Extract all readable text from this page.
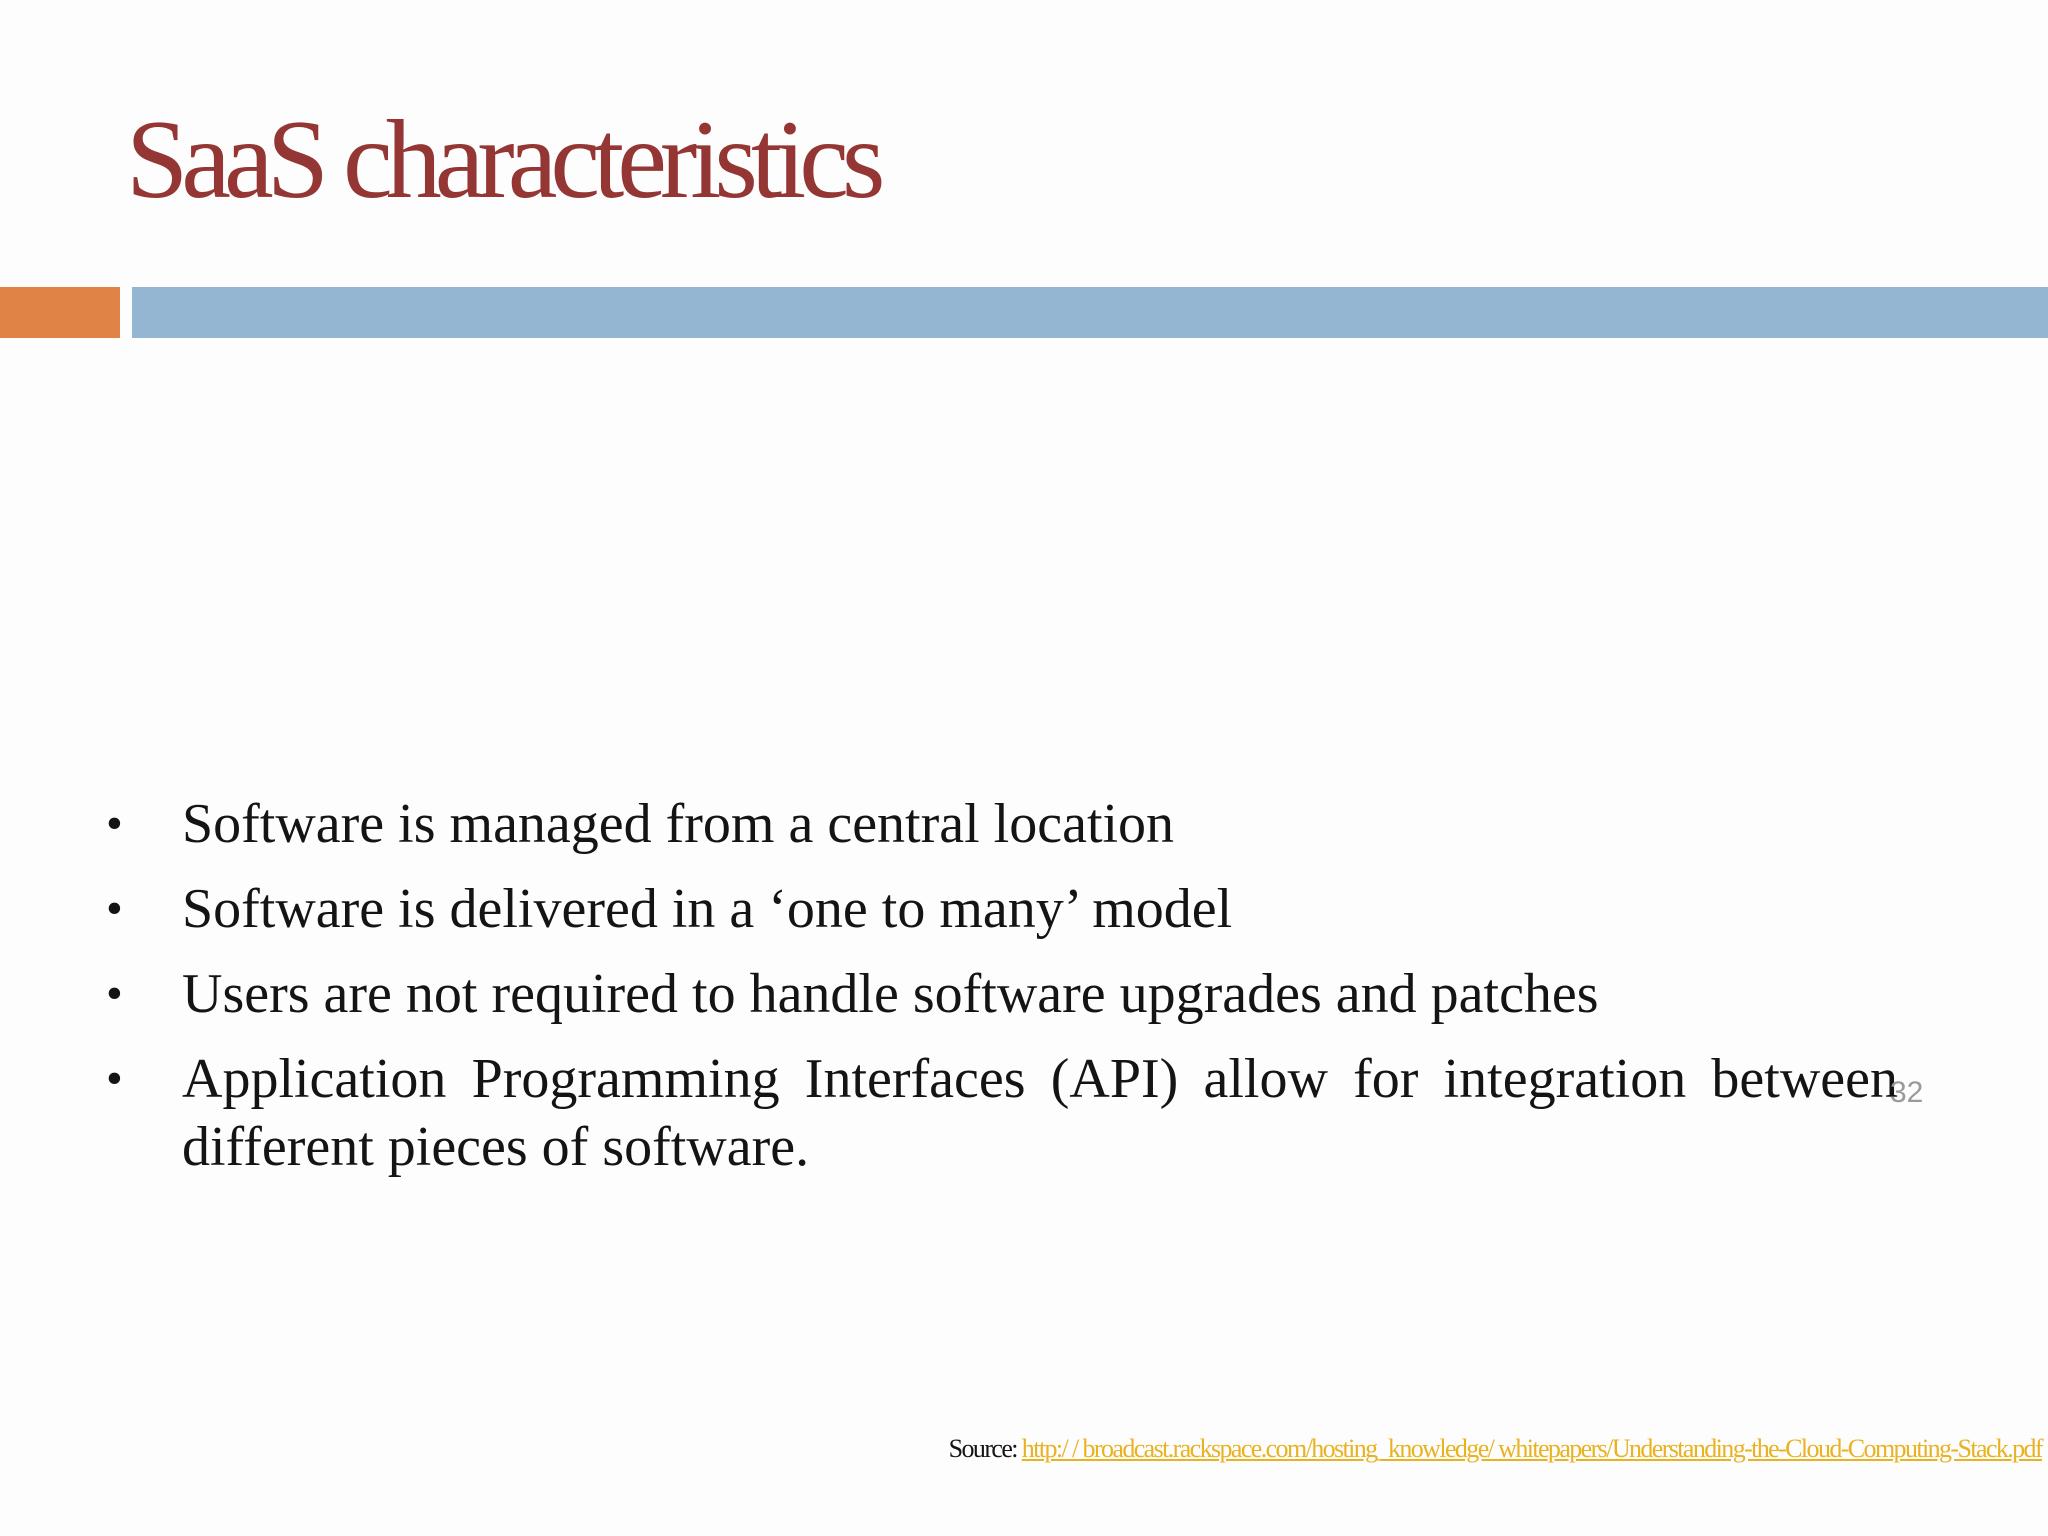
SaaS characteristics
•	Software is managed from a central location
•	Software is delivered in a ‘one to many’ model
•	Users are not required to handle software upgrades and patches
•	Application Programming Interfaces (API) allow for integration between different pieces of software.
32
Source: http:/ / broadcast.rackspace.com/hosting_knowledge/ whitepapers/Understanding-the-Cloud-Computing-Stack.pdf
